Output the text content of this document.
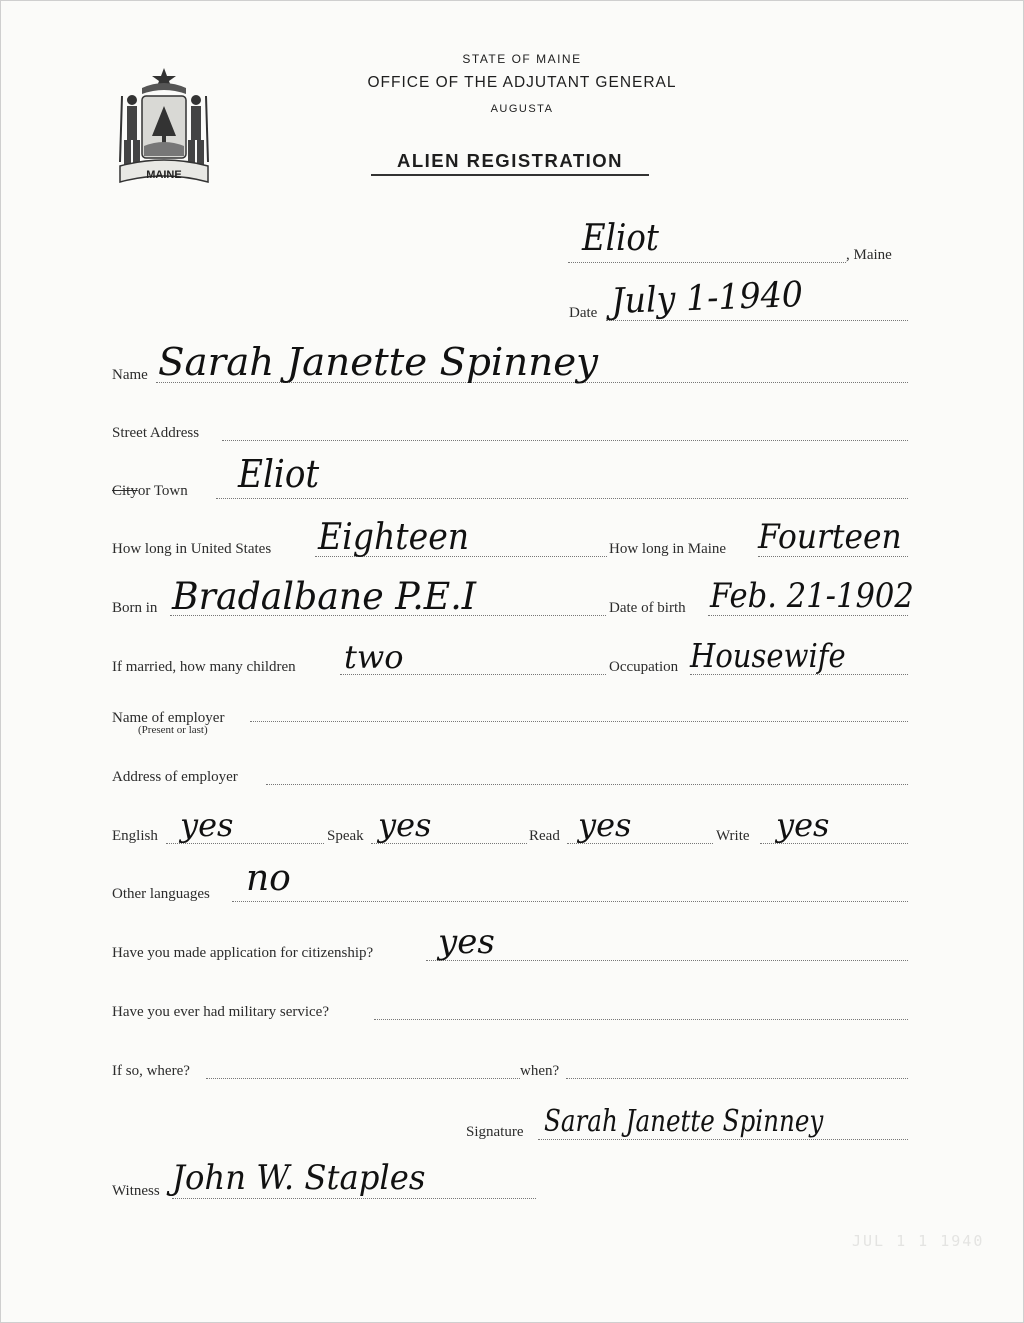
MAINE
STATE OF MAINE
OFFICE OF THE ADJUTANT GENERAL
AUGUSTA
ALIEN REGISTRATION
Eliot	, Maine
Date July 1-1940
Name Sarah Janette Spinney
Street Address
Cityor Town Eliot
How long in United States Eighteen	How long in Maine Fourteen
Born in Bradalbane P.E.I	Date of birth Feb. 21-1902
If married, how many children two	Occupation Housewife
Name of employer
(Present or last)
Address of employer
English yes	Speak yes	Read yes	Write yes
Other languages no
Have you made application for citizenship? yes
Have you ever had military service?
If so, where?	when?
Signature Sarah Janette Spinney
Witness John W. Staples
JUL 1 1 1940
